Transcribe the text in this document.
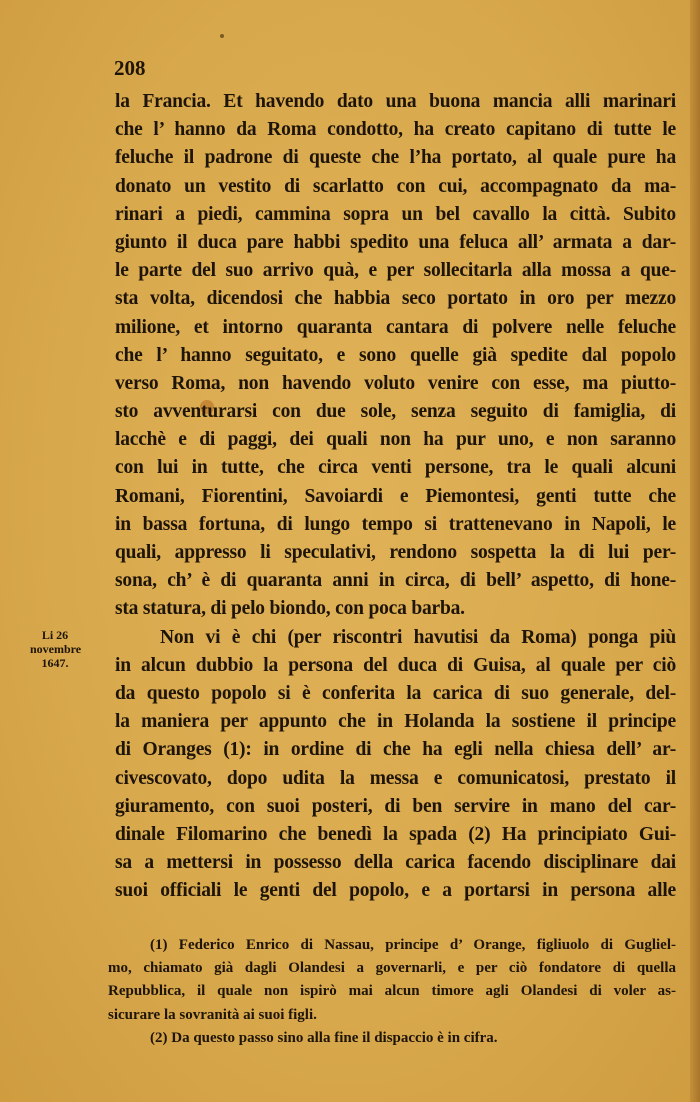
208
Li 26
novembre
1647.
la Francia. Et havendo dato una buona mancia alli marinari
che l’ hanno da Roma condotto, ha creato capitano di tutte le
feluche il padrone di queste che l’ha portato, al quale pure ha
donato un vestito di scarlatto con cui, accompagnato da ma-
rinari a piedi, cammina sopra un bel cavallo la città. Subito
giunto il duca pare habbi spedito una feluca all’ armata a dar-
le parte del suo arrivo quà, e per sollecitarla alla mossa a que-
sta volta, dicendosi che habbia seco portato in oro per mezzo
milione, et intorno quaranta cantara di polvere nelle feluche
che l’ hanno seguitato, e sono quelle già spedite dal popolo
verso Roma, non havendo voluto venire con esse, ma piutto-
sto avventurarsi con due sole, senza seguito di famiglia, di
lacchè e di paggi, dei quali non ha pur uno, e non saranno
con lui in tutte, che circa venti persone, tra le quali alcuni
Romani, Fiorentini, Savoiardi e Piemontesi, genti tutte che
in bassa fortuna, di lungo tempo si trattenevano in Napoli, le
quali, appresso li speculativi, rendono sospetta la di lui per-
sona, ch’ è di quaranta anni in circa, di bell’ aspetto, di hone-
sta statura, di pelo biondo, con poca barba.
Non vi è chi (per riscontri havutisi da Roma) ponga più
in alcun dubbio la persona del duca di Guisa, al quale per ciò
da questo popolo si è conferita la carica di suo generale, del-
la maniera per appunto che in Holanda la sostiene il principe
di Oranges (1): in ordine di che ha egli nella chiesa dell’ ar-
civescovato, dopo udita la messa e comunicatosi, prestato il
giuramento, con suoi posteri, di ben servire in mano del car-
dinale Filomarino che benedì la spada (2) Ha principiato Gui-
sa a mettersi in possesso della carica facendo disciplinare dai
suoi officiali le genti del popolo, e a portarsi in persona alle
(1) Federico Enrico di Nassau, principe d’ Orange, figliuolo di Gugliel-
mo, chiamato già dagli Olandesi a governarli, e per ciò fondatore di quella
Repubblica, il quale non ispirò mai alcun timore agli Olandesi di voler as-
sicurare la sovranità ai suoi figli.
(2) Da questo passo sino alla fine il dispaccio è in cifra.
